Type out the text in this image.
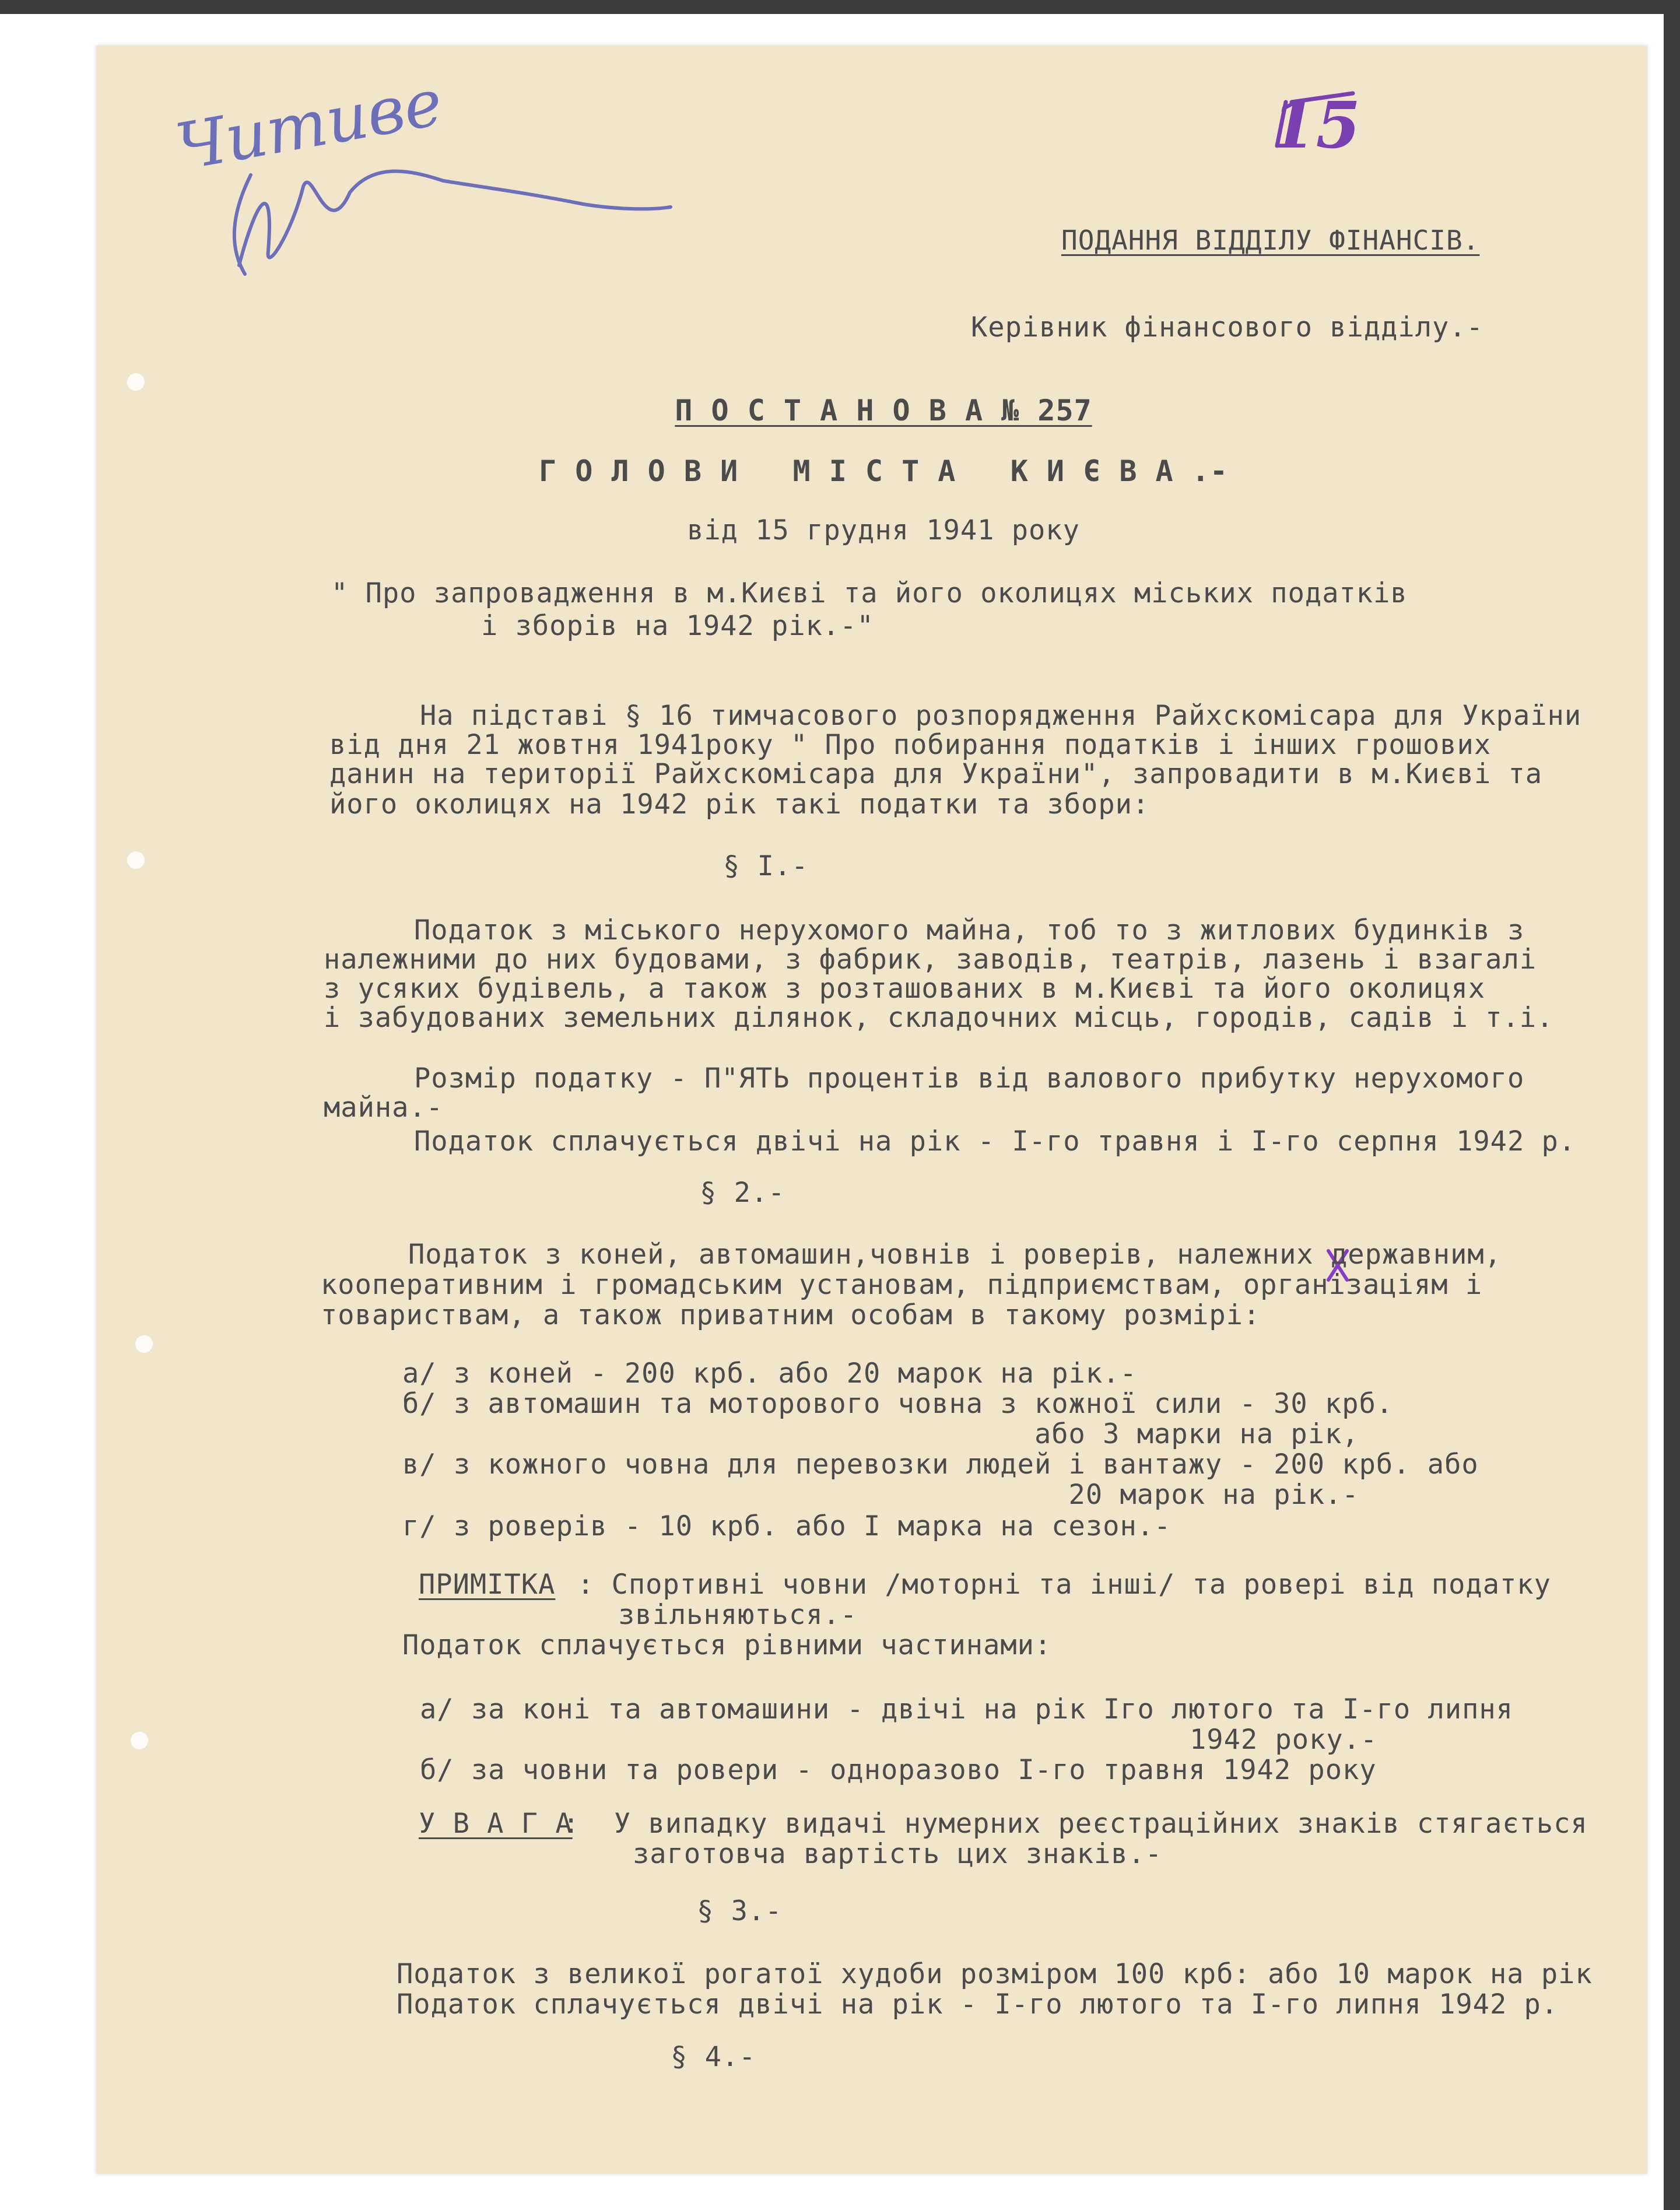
Читиве	15
ПОДАННЯ ВІДДІЛУ ФІНАНСІВ.
Керівник фінансового відділу.-
П О С Т А Н О В А № 257
Г О Л О В И   М І С Т А   К И Є В А .-
від 15 грудня 1941 року
" Про запровадження в м.Києві та його околицях міських податків
і зборів на 1942 рік.-"
На підставі § 16 тимчасового розпорядження Райхскомісара для України
від дня 21 жовтня 1941року " Про побирання податків і інших грошових
данин на території Райхскомісара для України", запровадити в м.Києві та
його околицях на 1942 рік такі податки та збори:
§ I.-
Податок з міського нерухомого майна, тоб то з житлових будинків з
належними до них будовами, з фабрик, заводів, театрів, лазень і взагалі
з усяких будівель, а також з розташованих в м.Києві та його околицях
і забудованих земельних ділянок, складочних місць, городів, садів і т.і.
Розмір податку - П"ЯТЬ процентів від валового прибутку нерухомого
майна.-
Податок сплачується двічі на рік - I-го травня і I-го серпня 1942 р.
§ 2.-
Податок з коней, автомашин,човнів і роверів, належних державним,
кооперативним і громадським установам, підприємствам, організаціям і
товариствам, а також приватним особам в такому розмірі:
а/ з коней - 200 крб. або 20 марок на рік.-
б/ з автомашин та моторового човна з кожної сили - 30 крб.
або 3 марки на рік,
в/ з кожного човна для перевозки людей і вантажу - 200 крб. або
20 марок на рік.-
г/ з роверів - 10 крб. або I марка на сезон.-
ПРИМІТКА : Спортивні човни /моторні та інші/ та ровері від податку
звільняються.-
Податок сплачується рівними частинами:
а/ за коні та автомашини - двічі на рік Іго лютого та I-го липня
1942 року.-
б/ за човни та ровери - одноразово I-го травня 1942 року
У В А Г А
:  У випадку видачі нумерних реєстраційних знаків стягається
заготовча вартість цих знаків.-
§ 3.-
Податок з великої рогатої худоби розміром 100 крб: або 10 марок на рік
Податок сплачується двічі на рік - I-го лютого та I-го липня 1942 р.
§ 4.-
